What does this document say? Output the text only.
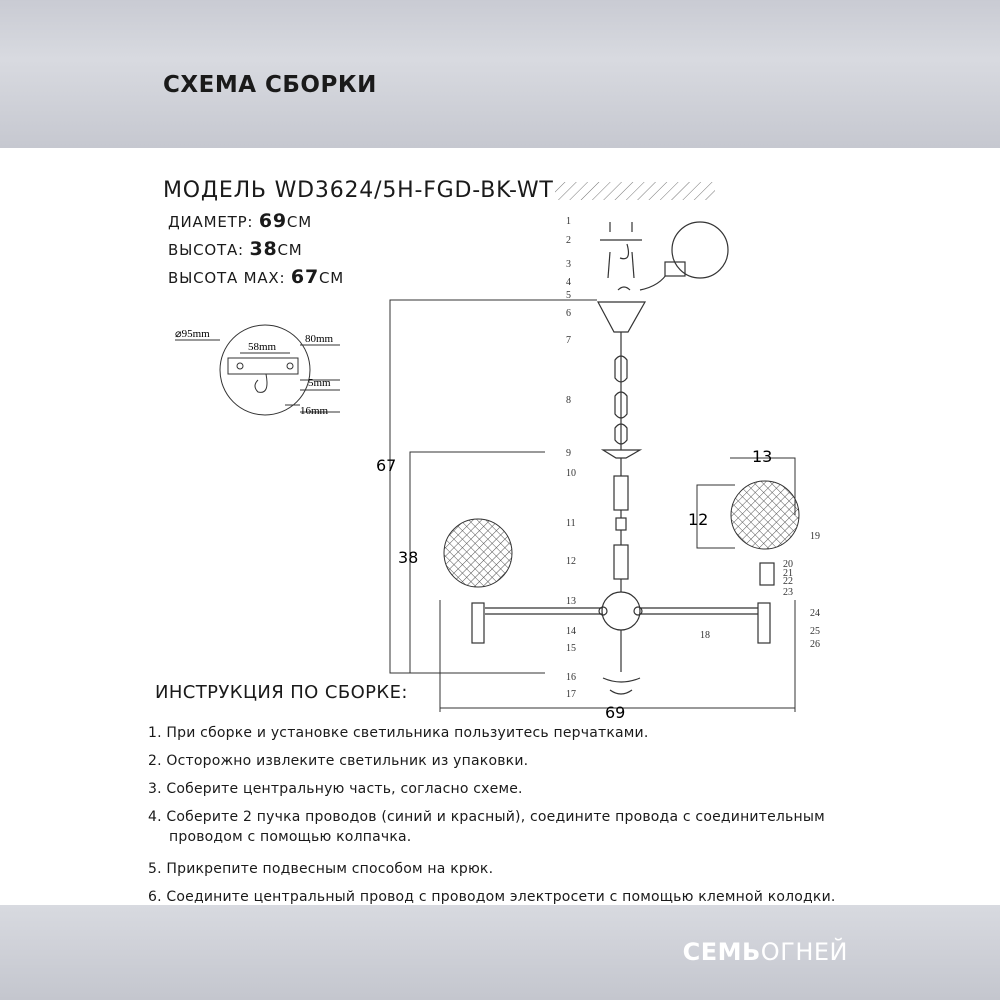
СХЕМА СБОРКИ
МОДЕЛЬ WD3624/5H-FGD-BK-WT
ДИАМЕТР: 69СМ
ВЫСОТА: 38СМ
ВЫСОТА MAX: 67СМ
⌀95mm
58mm
80mm
5mm
16mm
67
38
69
13
12
1
2
3
4
5
6
7
8
9
10
11
12
13
14
15
16
17
18
19
20
21
22
23
24
25
26
ИНСТРУКЦИЯ ПО СБОРКЕ:
1. При сборке и установке светильника пользуитесь перчатками.
2. Осторожно извлеките светильник из упаковки.
3. Соберите центральную часть, согласно схеме.
4. Соберите 2 пучка проводов (синий и красный), соедините провода с соединительным
проводом с помощью колпачка.
5. Прикрепите подвесным способом на крюк.
6. Соедините центральный провод с проводом электросети с помощью клемной колодки.
СЕМЬОГНЕЙ
